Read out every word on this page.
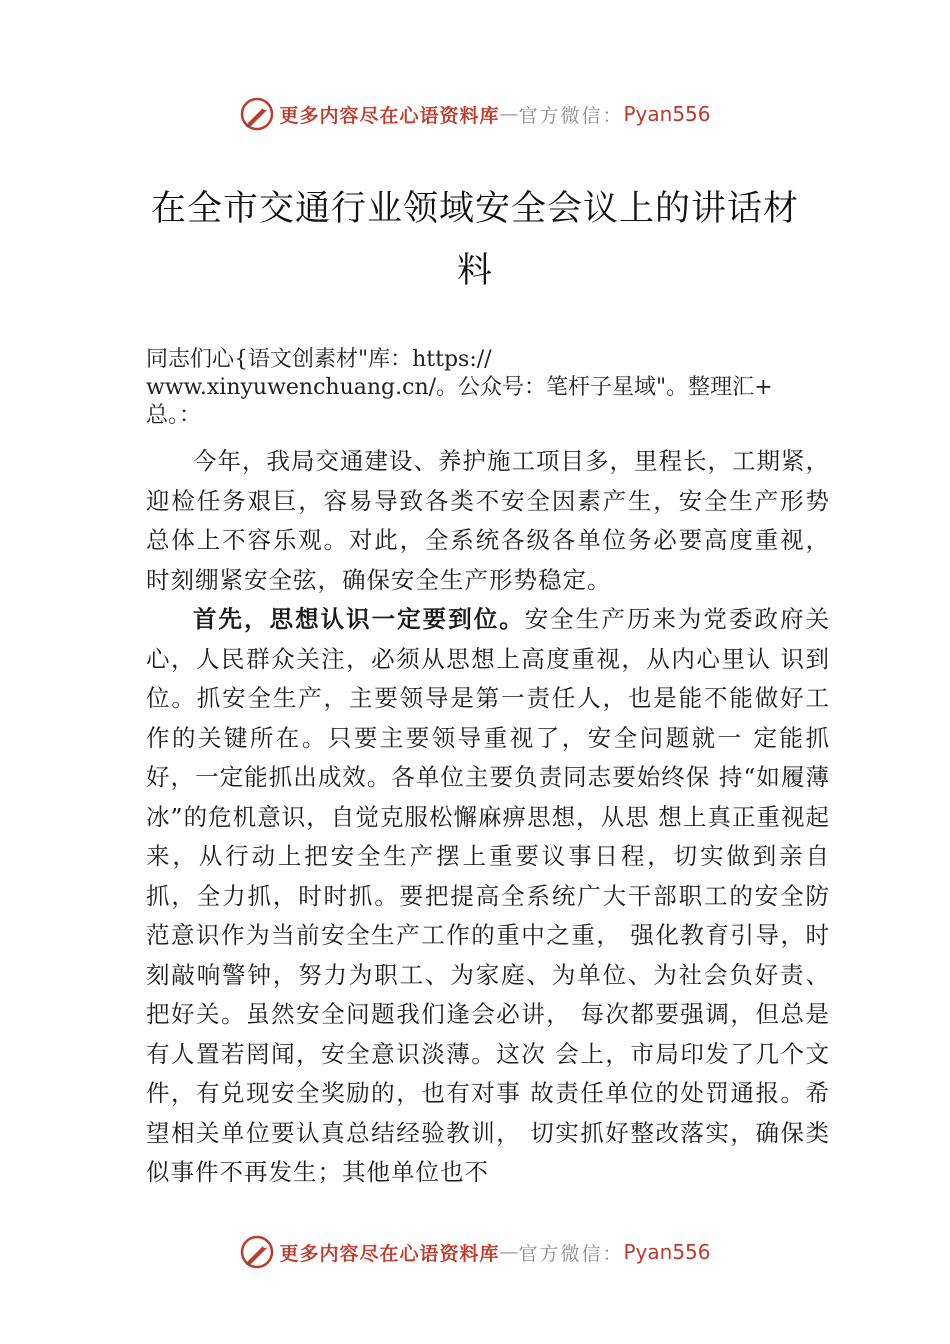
更多内容尽在心语资料库 — 官方微信： Pyan556
在全市交通行业领域安全会议上的讲话材
料
同志们心{语文创素材"库：https://
www.xinyuwenchuang.cn/。公众号：笔杆子星域"。整理汇+
总。：

今年，我局交通建设、养护施工项目多，里程长，工期紧，迎检任务艰巨，容易导致各类不安全因素产生，安全生产形势总体上不容乐观。对此，全系统各级各单位务必要高度重视，时刻绷紧安全弦，确保安全生产形势稳定。

首先，思想认识一定要到位。安全生产历来为党委政府关心，人民群众关注，必须从思想上高度重视，从内心里认 识到位。抓安全生产，主要领导是第一责任人，也是能不能做好工作的关键所在。只要主要领导重视了，安全问题就一 定能抓好，一定能抓出成效。各单位主要负责同志要始终保 持“如履薄冰”的危机意识，自觉克服松懈麻痹思想，从思 想上真正重视起来，从行动上把安全生产摆上重要议事日程，切实做到亲自抓，全力抓，时时抓。要把提高全系统广大干部职工的安全防范意识作为当前安全生产工作的重中之重， 强化教育引导，时刻敲响警钟，努力为职工、为家庭、为单位、为社会负好责、把好关。虽然安全问题我们逢会必讲， 每次都要强调，但总是有人置若罔闻，安全意识淡薄。这次 会上，市局印发了几个文件，有兑现安全奖励的，也有对事 故责任单位的处罚通报。希望相关单位要认真总结经验教训， 切实抓好整改落实，确保类似事件不再发生；其他单位也不

更多内容尽在心语资料库 — 官方微信： Pyan556
